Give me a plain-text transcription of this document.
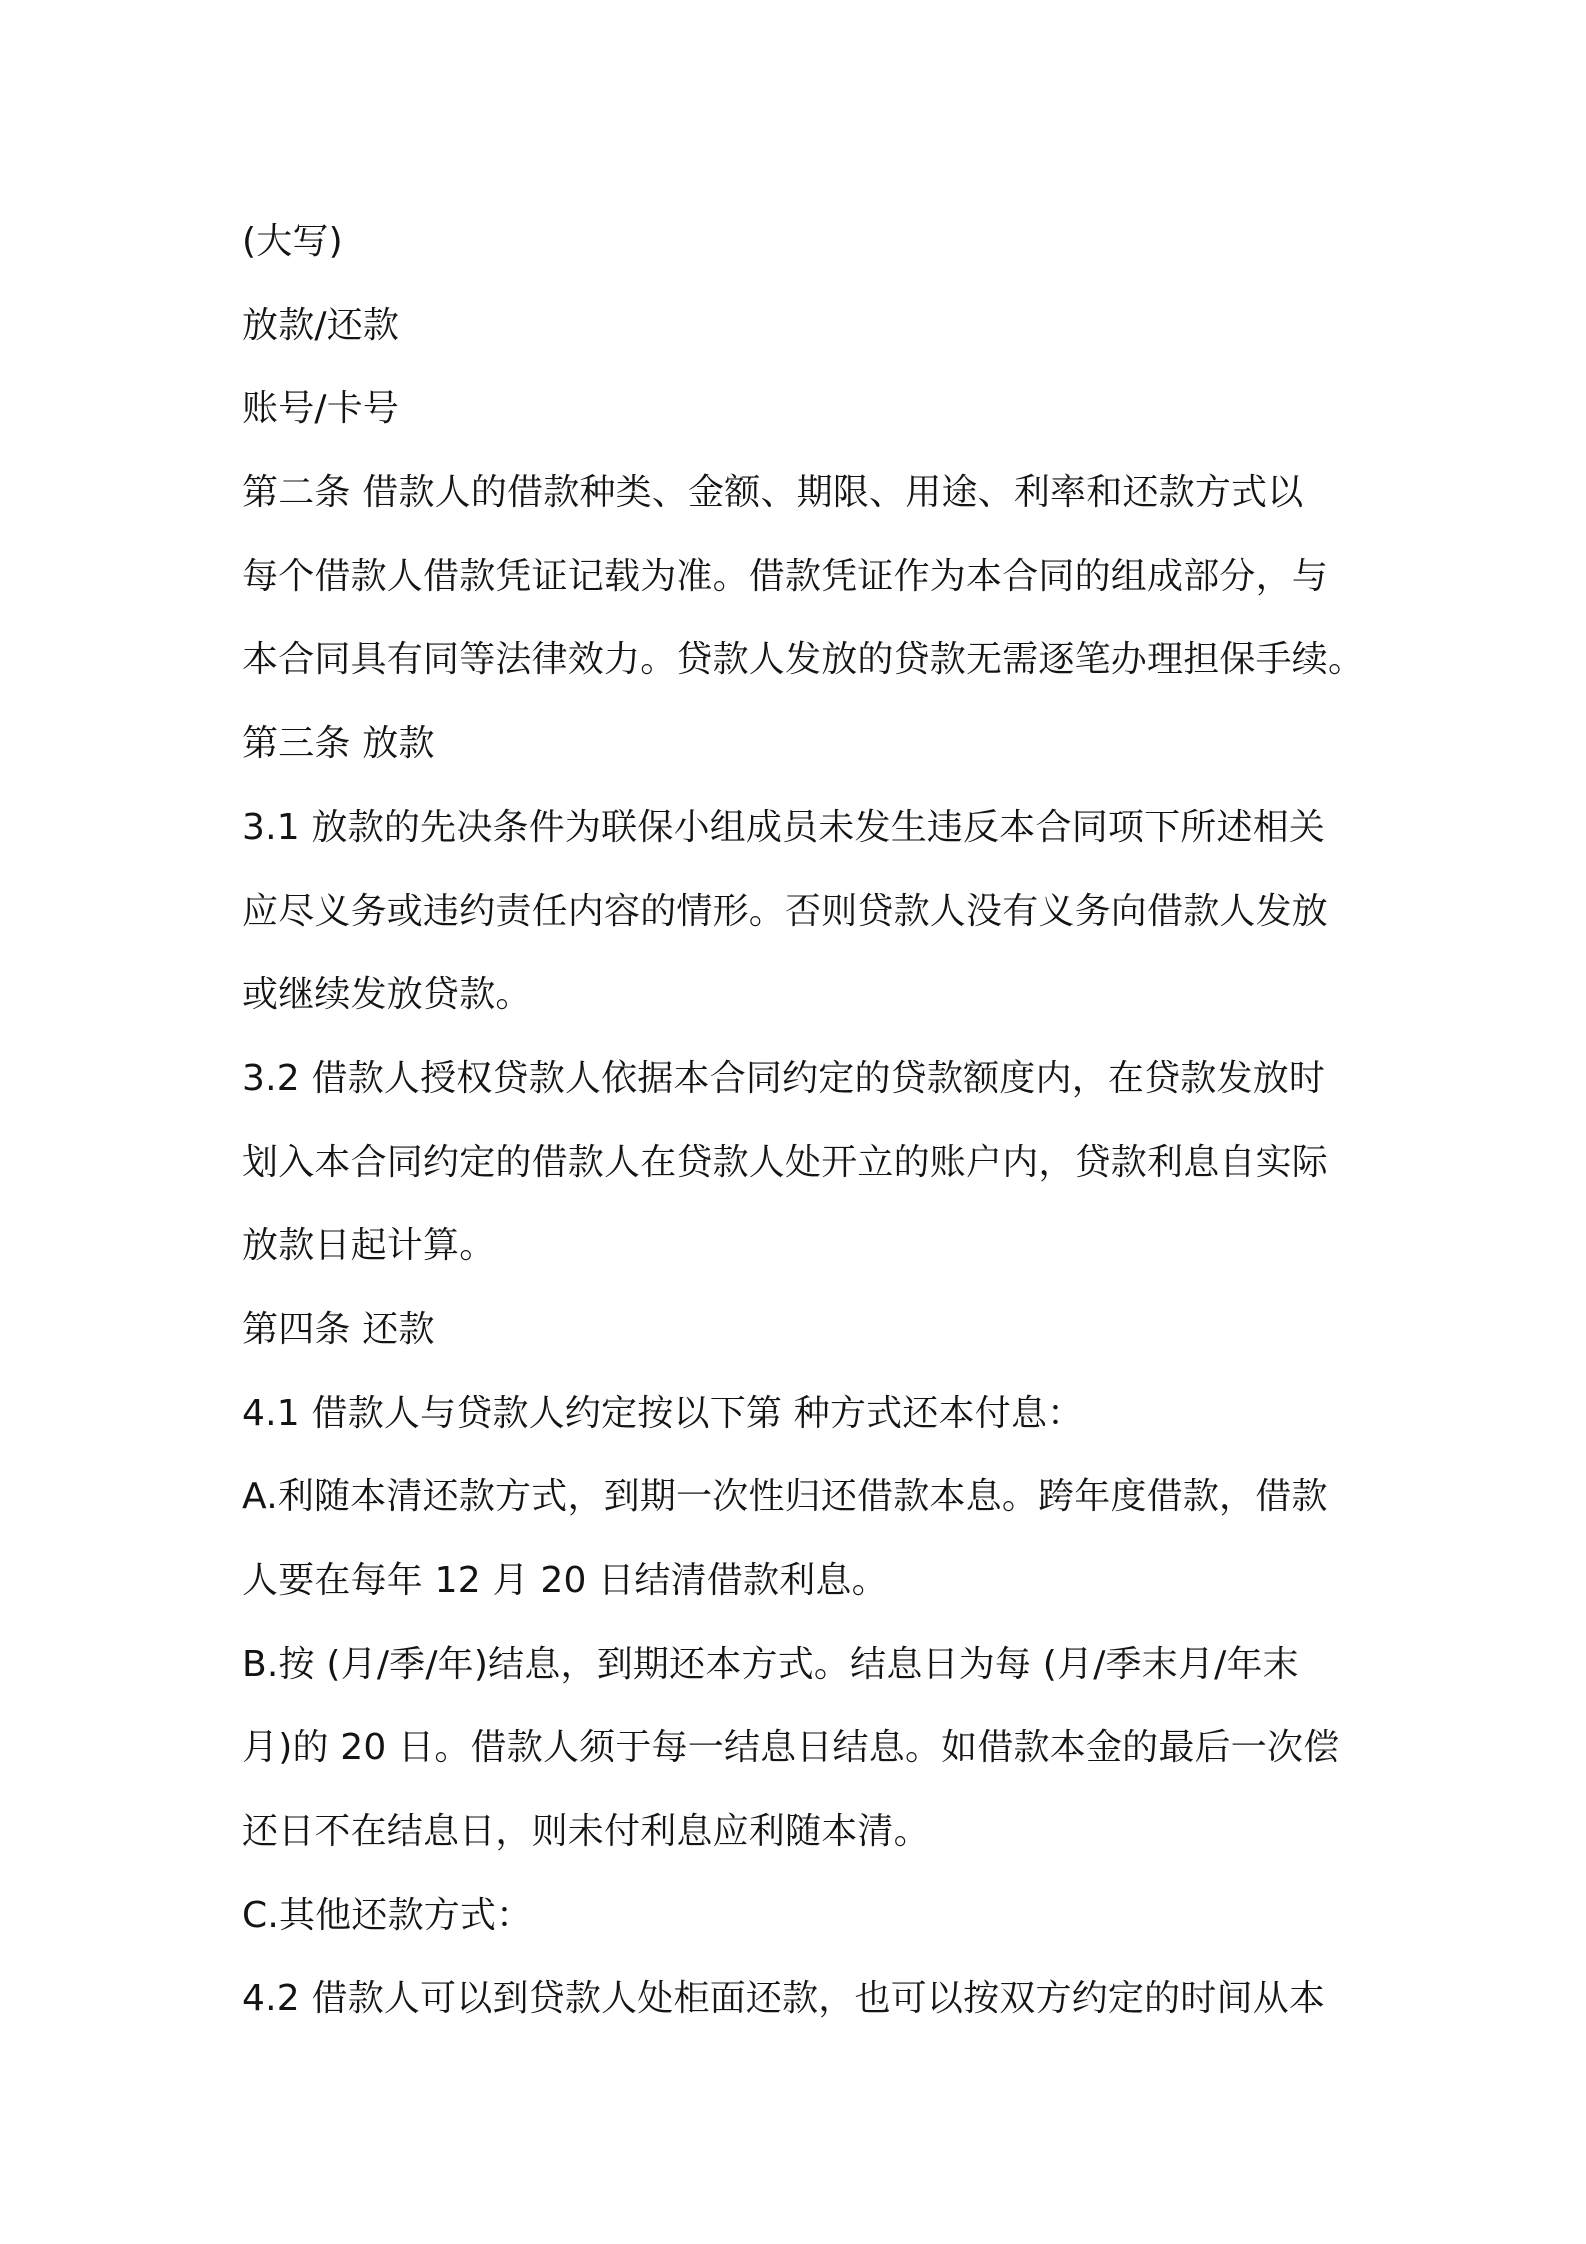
(大写)
放款/还款
账号/卡号
第二条 借款人的借款种类、金额、期限、用途、利率和还款方式以
每个借款人借款凭证记载为准。借款凭证作为本合同的组成部分，与
本合同具有同等法律效力。贷款人发放的贷款无需逐笔办理担保手续。
第三条 放款
3.1 放款的先决条件为联保小组成员未发生违反本合同项下所述相关
应尽义务或违约责任内容的情形。否则贷款人没有义务向借款人发放
或继续发放贷款。
3.2 借款人授权贷款人依据本合同约定的贷款额度内，在贷款发放时
划入本合同约定的借款人在贷款人处开立的账户内，贷款利息自实际
放款日起计算。
第四条 还款
4.1 借款人与贷款人约定按以下第 种方式还本付息：
A.利随本清还款方式，到期一次性归还借款本息。跨年度借款，借款
人要在每年 12 月 20 日结清借款利息。
B.按 (月/季/年)结息，到期还本方式。结息日为每 (月/季末月/年末
月)的 20 日。借款人须于每一结息日结息。如借款本金的最后一次偿
还日不在结息日，则未付利息应利随本清。
C.其他还款方式：
4.2 借款人可以到贷款人处柜面还款，也可以按双方约定的时间从本
